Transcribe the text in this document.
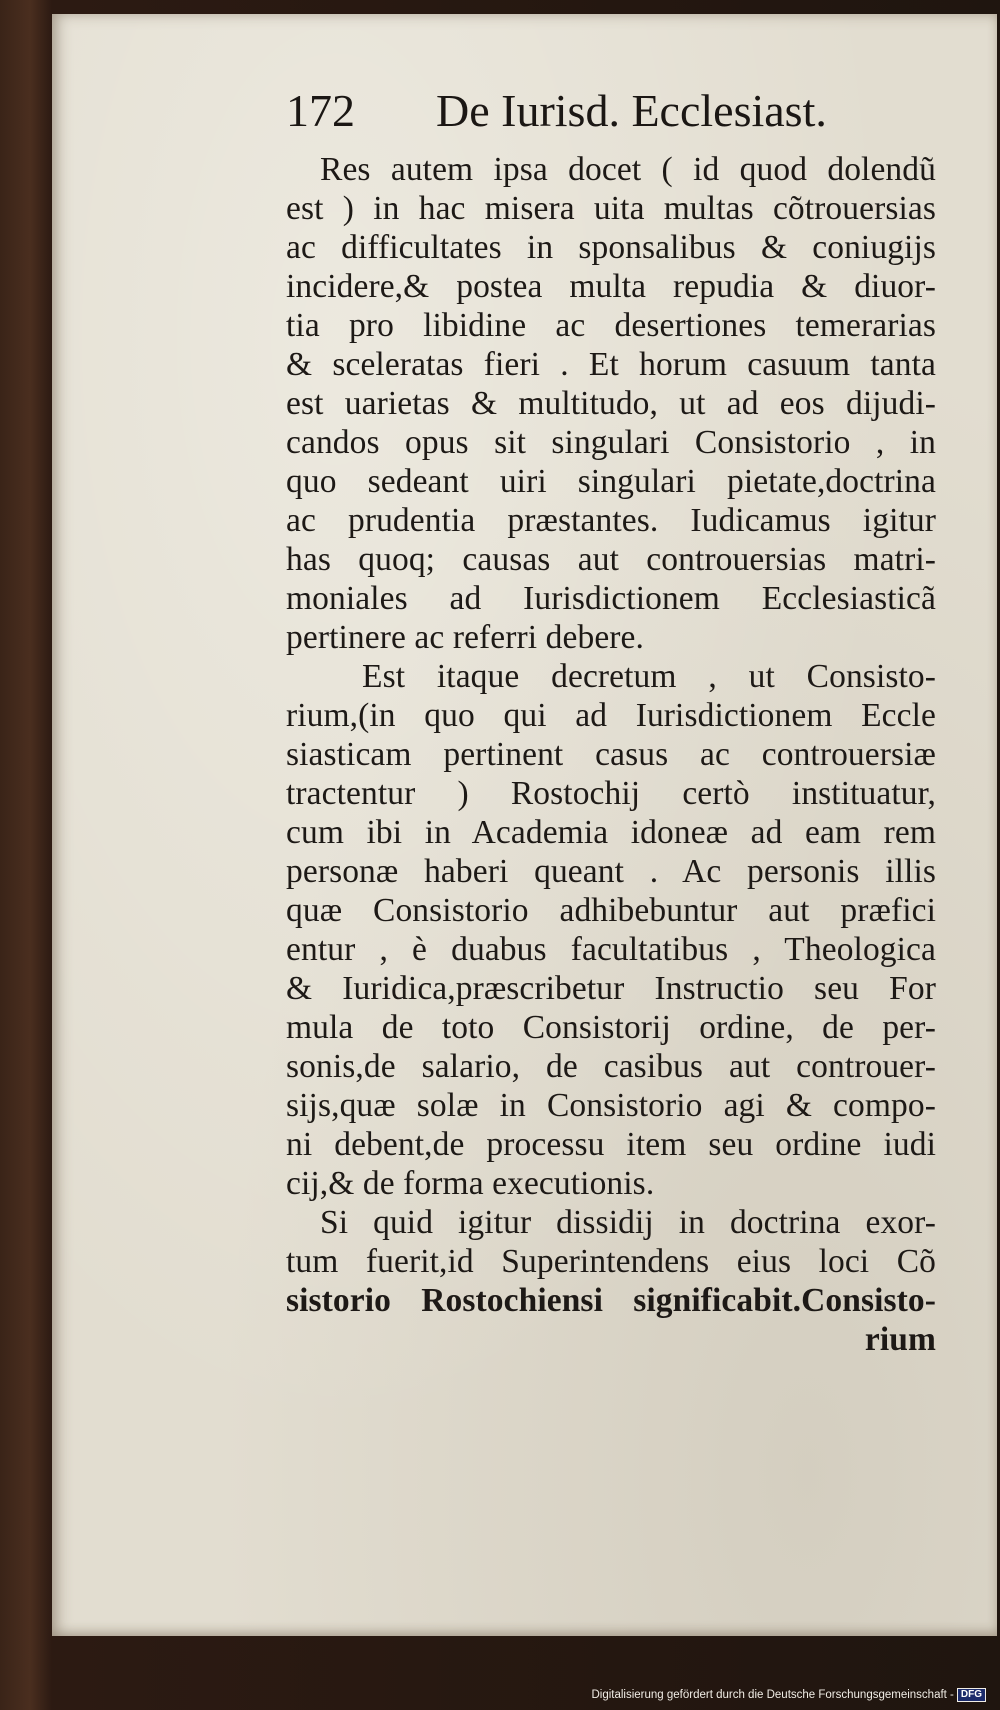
172 De Iurisd. Ecclesiast.
Res autem ipsa docet ( id quod dolendũ
est ) in hac misera uita multas cõtrouersias
ac difficultates in sponsalibus & coniugijs
incidere,& postea multa repudia & diuor-
tia pro libidine ac desertiones temerarias
& sceleratas fieri . Et horum casuum tanta
est uarietas & multitudo, ut ad eos dijudi-
candos opus sit singulari Consistorio , in
quo sedeant uiri singulari pietate,doctrina
ac prudentia præstantes. Iudicamus igitur
has quoq; causas aut controuersias matri-
moniales ad Iurisdictionem Ecclesiasticã
pertinere ac referri debere.
Est itaque decretum , ut Consisto-
rium,(in quo qui ad Iurisdictionem Eccle
siasticam pertinent casus ac controuersiæ
tractentur ) Rostochij certò instituatur,
cum ibi in Academia idoneæ ad eam rem
personæ haberi queant . Ac personis illis
quæ Consistorio adhibebuntur aut præfici
entur , è duabus facultatibus , Theologica
& Iuridica,præscribetur Instructio seu For
mula de toto Consistorij ordine, de per-
sonis,de salario, de casibus aut controuer-
sijs,quæ solæ in Consistorio agi & compo-
ni debent,de processu item seu ordine iudi
cij,& de forma executionis.
Si quid igitur dissidij in doctrina exor-
tum fuerit,id Superintendens eius loci Cõ
sistorio Rostochiensi significabit.Consisto-
rium
Digitalisierung gefördert durch die Deutsche Forschungsgemeinschaft - DFG
